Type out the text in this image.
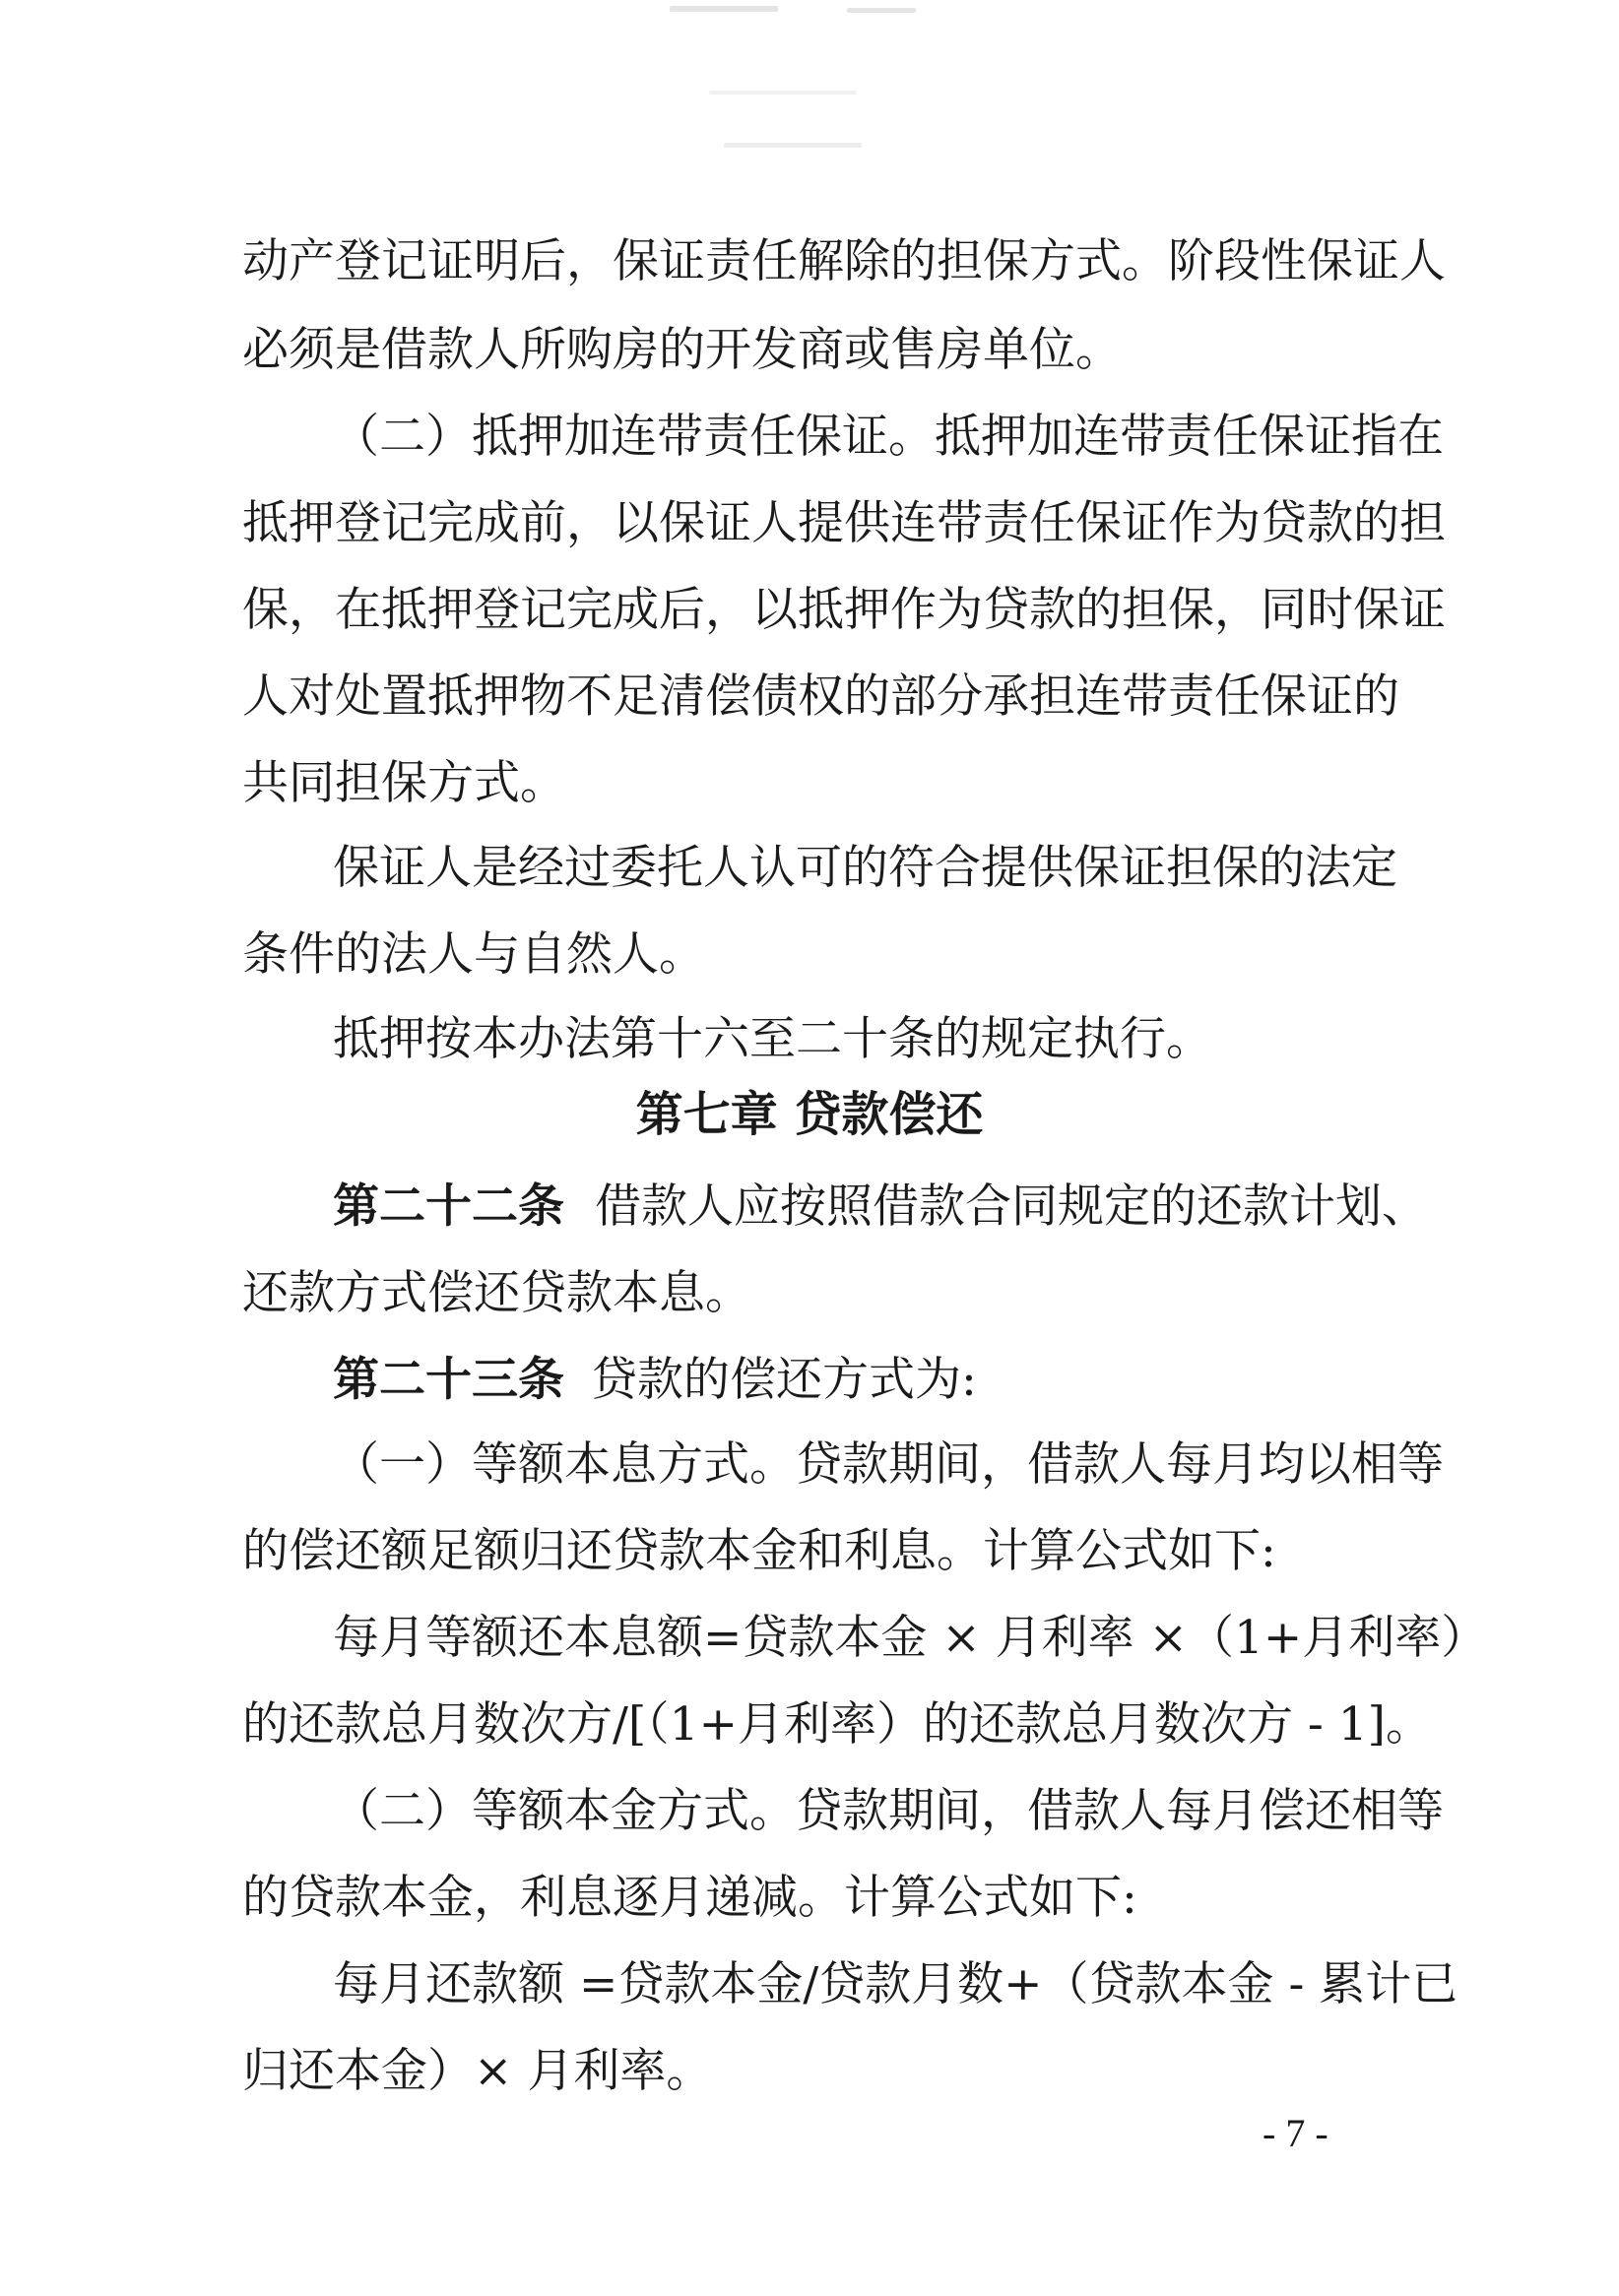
动产登记证明后，保证责任解除的担保方式。阶段性保证人
必须是借款人所购房的开发商或售房单位。
（二）抵押加连带责任保证。抵押加连带责任保证指在
抵押登记完成前，以保证人提供连带责任保证作为贷款的担
保，在抵押登记完成后，以抵押作为贷款的担保，同时保证
人对处置抵押物不足清偿债权的部分承担连带责任保证的
共同担保方式。
保证人是经过委托人认可的符合提供保证担保的法定
条件的法人与自然人。
抵押按本办法第十六至二十条的规定执行。
第七章 贷款偿还
第二十二条 借款人应按照借款合同规定的还款计划、
还款方式偿还贷款本息。
第二十三条 贷款的偿还方式为:
（一）等额本息方式。贷款期间，借款人每月均以相等
的偿还额足额归还贷款本金和利息。计算公式如下:
每月等额还本息额=贷款本金 × 月利率 ×（1+月利率）
的还款总月数次方/[（1+月利率）的还款总月数次方 - 1]。
（二）等额本金方式。贷款期间，借款人每月偿还相等
的贷款本金，利息逐月递减。计算公式如下:
每月还款额 =贷款本金/贷款月数+（贷款本金 - 累计已
归还本金）× 月利率。
- 7 -
